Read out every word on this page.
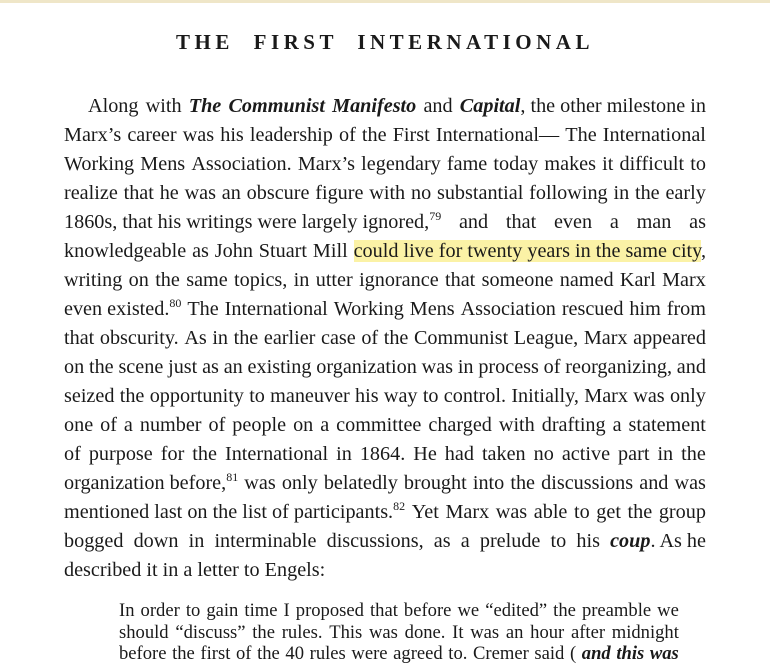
THE FIRST INTERNATIONAL
Along with The Communist Manifesto and Capital, the other milestone in
Marx’s career was his leadership of the First International— The International
Working Mens Association. Marx’s legendary fame today makes it difficult to
realize that he was an obscure figure with no substantial following in the early
1860s, that his writings were largely ignored,$^{79}$ and that even a man as
knowledgeable as John Stuart Mill could live for twenty years in the same city,
writing on the same topics, in utter ignorance that someone named Karl Marx
even existed.$^{80}$ The International Working Mens Association rescued him from
that obscurity. As in the earlier case of the Communist League, Marx appeared
on the scene just as an existing organization was in process of reorganizing, and
seized the opportunity to maneuver his way to control. Initially, Marx was only
one of a number of people on a committee charged with drafting a statement
of purpose for the International in 1864. He had taken no active part in the
organization before,$^{81}$ was only belatedly brought into the discussions and was
mentioned last on the list of participants.$^{82}$ Yet Marx was able to get the group
bogged down in interminable discussions, as a prelude to his coup. As he
described it in a letter to Engels:
In order to gain time I proposed that before we “edited” the preamble we
should “discuss” the rules. This was done. It was an hour after midnight
before the first of the 40 rules were agreed to. Cremer said ( and this was
